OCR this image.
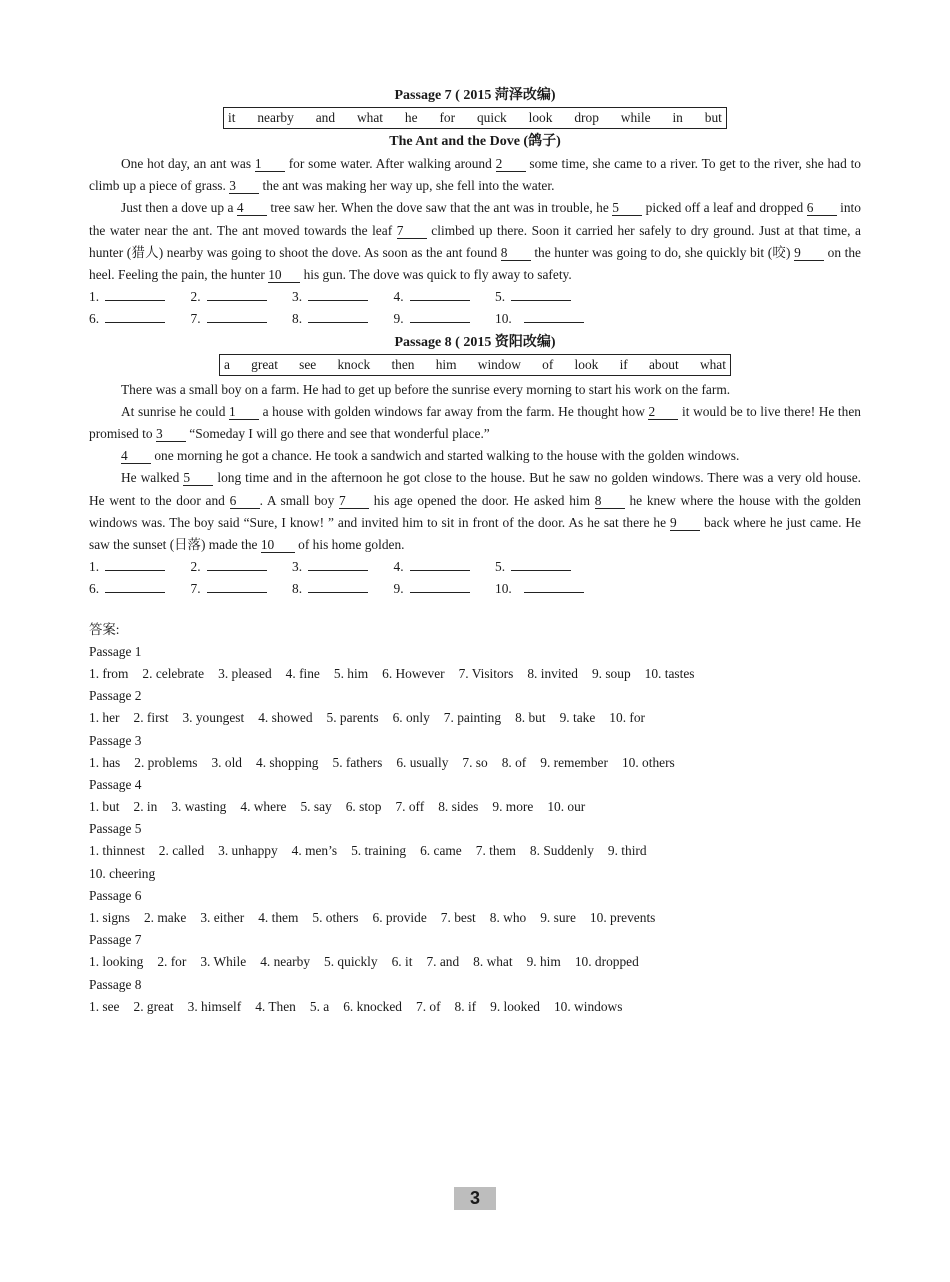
Passage 7 ( 2015 菏泽改编)
it nearby and what he for quick look drop while in but
The Ant and the Dove (鸽子)

One hot day, an ant was 1 for some water. After walking around 2 some time, she came to a river. To get to the river, she had to climb up a piece of grass. 3 the ant was making her way up, she fell into the water.

Just then a dove up a 4 tree saw her. When the dove saw that the ant was in trouble, he 5 picked off a leaf and dropped 6 into the water near the ant. The ant moved towards the leaf 7 climbed up there. Soon it carried her safely to dry ground. Just at that time, a hunter (猎人) nearby was going to shoot the dove. As soon as the ant found 8 the hunter was going to do, she quickly bit (咬) 9 on the heel. Feeling the pain, the hunter 10 his gun. The dove was quick to fly away to safety.

1.	2.	3.	4.	5.
6.	7.	8.	9.	10.
Passage 8 ( 2015 资阳改编)
a great see knock then him window of look if about what

There was a small boy on a farm. He had to get up before the sunrise every morning to start his work on the farm.

At sunrise he could 1 a house with golden windows far away from the farm. He thought how 2 it would be to live there! He then promised to 3 “Someday I will go there and see that wonderful place.”

4 one morning he got a chance. He took a sandwich and started walking to the house with the golden windows.

He walked 5 long time and in the afternoon he got close to the house. But he saw no golden windows. There was a very old house. He went to the door and 6 . A small boy 7 his age opened the door. He asked him 8 he knew where the house with the golden windows was. The boy said “Sure, I know! ” and invited him to sit in front of the door. As he sat there he 9 back where he just came. He saw the sunset (日落) made the 10 of his home golden.

1.	2.	3.	4.	5.
6.	7.	8.	9.	10.
答案:
Passage 1
1. from 2. celebrate 3. pleased 4. fine 5. him 6. However 7. Visitors 8. invited 9. soup 10. tastes
Passage 2
1. her 2. first 3. youngest 4. showed 5. parents 6. only 7. painting 8. but 9. take 10. for
Passage 3
1. has 2. problems 3. old 4. shopping 5. fathers 6. usually 7. so 8. of 9. remember 10. others
Passage 4
1. but 2. in 3. wasting 4. where 5. say 6. stop 7. off 8. sides 9. more 10. our
Passage 5
1. thinnest 2. called 3. unhappy 4. men’s 5. training 6. came 7. them 8. Suddenly 9. third
10. cheering
Passage 6
1. signs 2. make 3. either 4. them 5. others 6. provide 7. best 8. who 9. sure 10. prevents
Passage 7
1. looking 2. for 3. While 4. nearby 5. quickly 6. it 7. and 8. what 9. him 10. dropped
Passage 8
1. see 2. great 3. himself 4. Then 5. a 6. knocked 7. of 8. if 9. looked 10. windows
3
